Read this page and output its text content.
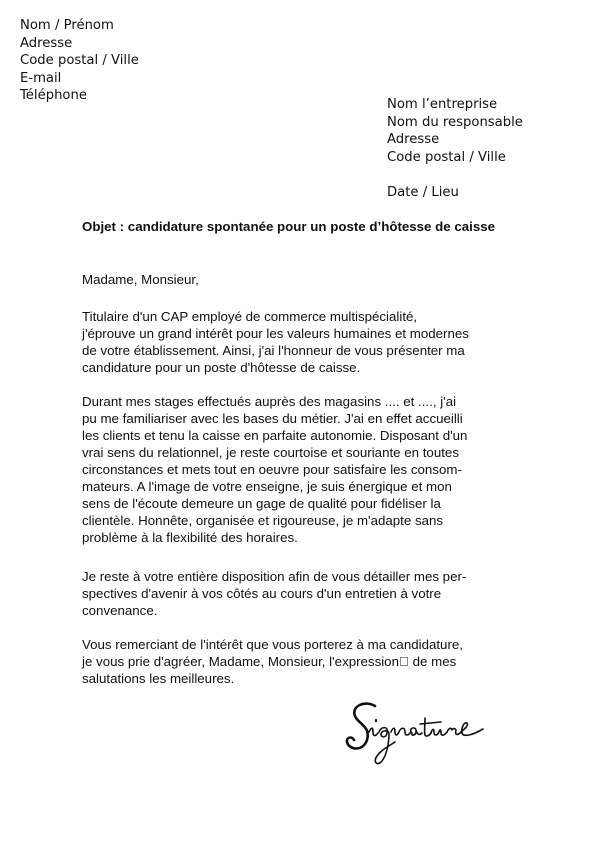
Nom / Prénom
Adresse
Code postal / Ville
E-mail
Téléphone
Nom l’entreprise
Nom du responsable
Adresse
Code postal / Ville
Date / Lieu
Objet : candidature spontanée pour un poste d’hôtesse de caisse
Madame, Monsieur,
Titulaire d'un CAP employé de commerce multispécialité,
j'éprouve un grand intérêt pour les valeurs humaines et modernes
de votre établissement. Ainsi, j'ai l'honneur de vous présenter ma
candidature pour un poste d'hôtesse de caisse.
Durant mes stages effectués auprès des magasins .... et ...., j'ai
pu me familiariser avec les bases du métier. J'ai en effet accueilli
les clients et tenu la caisse en parfaite autonomie. Disposant d'un
vrai sens du relationnel, je reste courtoise et souriante en toutes
circonstances et mets tout en oeuvre pour satisfaire les consom-
mateurs. A l'image de votre enseigne, je suis énergique et mon
sens de l'écoute demeure un gage de qualité pour fidéliser la
clientèle. Honnête, organisée et rigoureuse, je m'adapte sans
problème à la flexibilité des horaires.
Je reste à votre entière disposition afin de vous détailler mes per-
spectives d'avenir à vos côtés au cours d'un entretien à votre
convenance.
Vous remerciant de l'intérêt que vous porterez à ma candidature,
je vous prie d'agréer, Madame, Monsieur, l'expression  de mes
salutations les meilleures.
